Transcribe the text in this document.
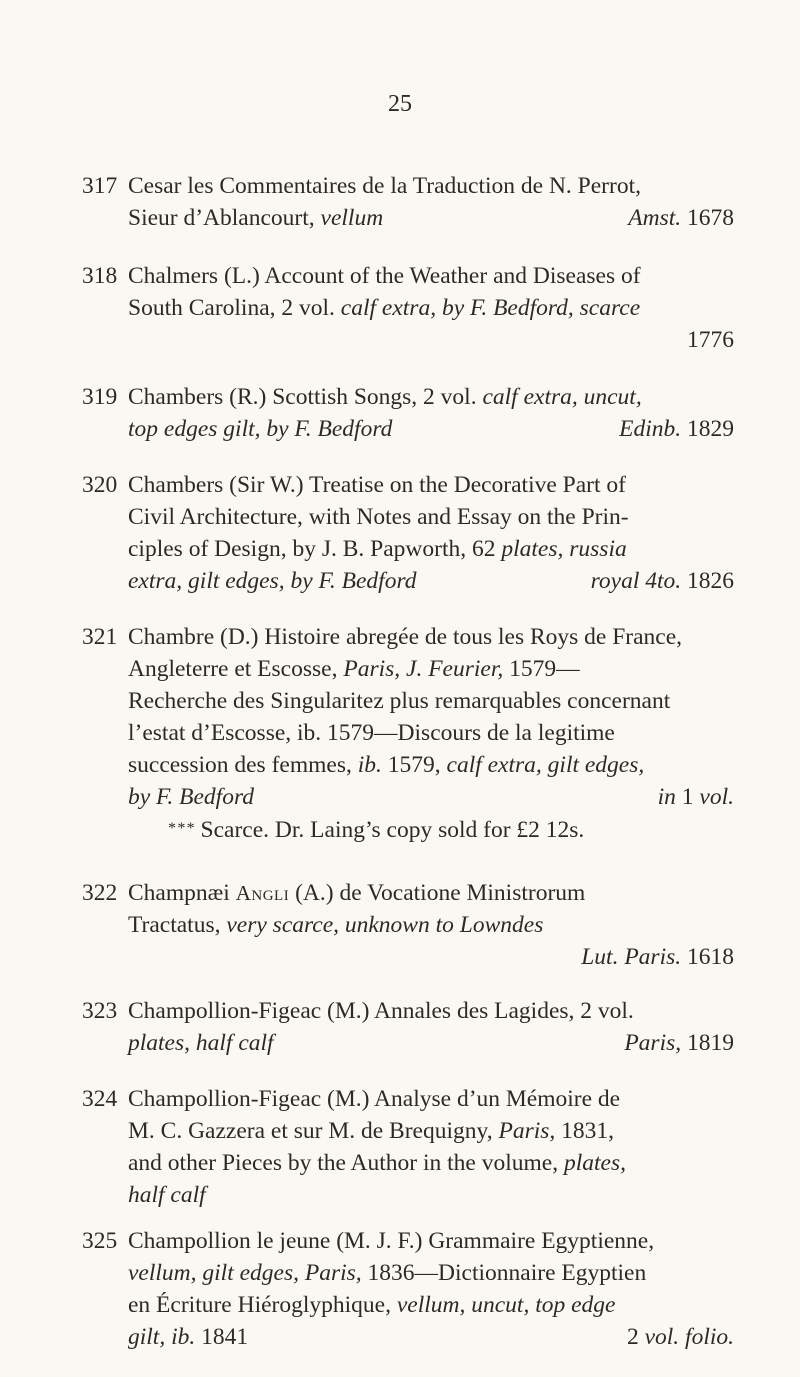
25
317 Cesar les Commentaires de la Traduction de N. Perrot,
Sieur d’Ablancourt, vellum	Amst. 1678
318 Chalmers (L.) Account of the Weather and Diseases of
South Carolina, 2 vol. calf extra, by F. Bedford, scarce
1776
319 Chambers (R.) Scottish Songs, 2 vol. calf extra, uncut,
top edges gilt, by F. Bedford	Edinb. 1829
320 Chambers (Sir W.) Treatise on the Decorative Part of
Civil Architecture, with Notes and Essay on the Prin-
ciples of Design, by J. B. Papworth, 62 plates, russia
extra, gilt edges, by F. Bedford	royal 4to. 1826
321 Chambre (D.) Histoire abregée de tous les Roys de France,
Angleterre et Escosse, Paris, J. Feurier, 1579—
Recherche des Singularitez plus remarquables concernant
l’estat d’Escosse, ib. 1579—Discours de la legitime
succession des femmes, ib. 1579, calf extra, gilt edges,
by F. Bedford	in 1 vol.
* * * Scarce. Dr. Laing’s copy sold for £2 12s.
322 Champnæi Angli (A.) de Vocatione Ministrorum
Tractatus, very scarce, unknown to Lowndes
Lut. Paris. 1618
323 Champollion-Figeac (M.) Annales des Lagides, 2 vol.
plates, half calf	Paris, 1819
324 Champollion-Figeac (M.) Analyse d’un Mémoire de
M. C. Gazzera et sur M. de Brequigny, Paris, 1831,
and other Pieces by the Author in the volume, plates,
half calf
325 Champollion le jeune (M. J. F.) Grammaire Egyptienne,
vellum, gilt edges, Paris, 1836—Dictionnaire Egyptien
en Écriture Hiéroglyphique, vellum, uncut, top edge
gilt, ib. 1841	2 vol. folio.
